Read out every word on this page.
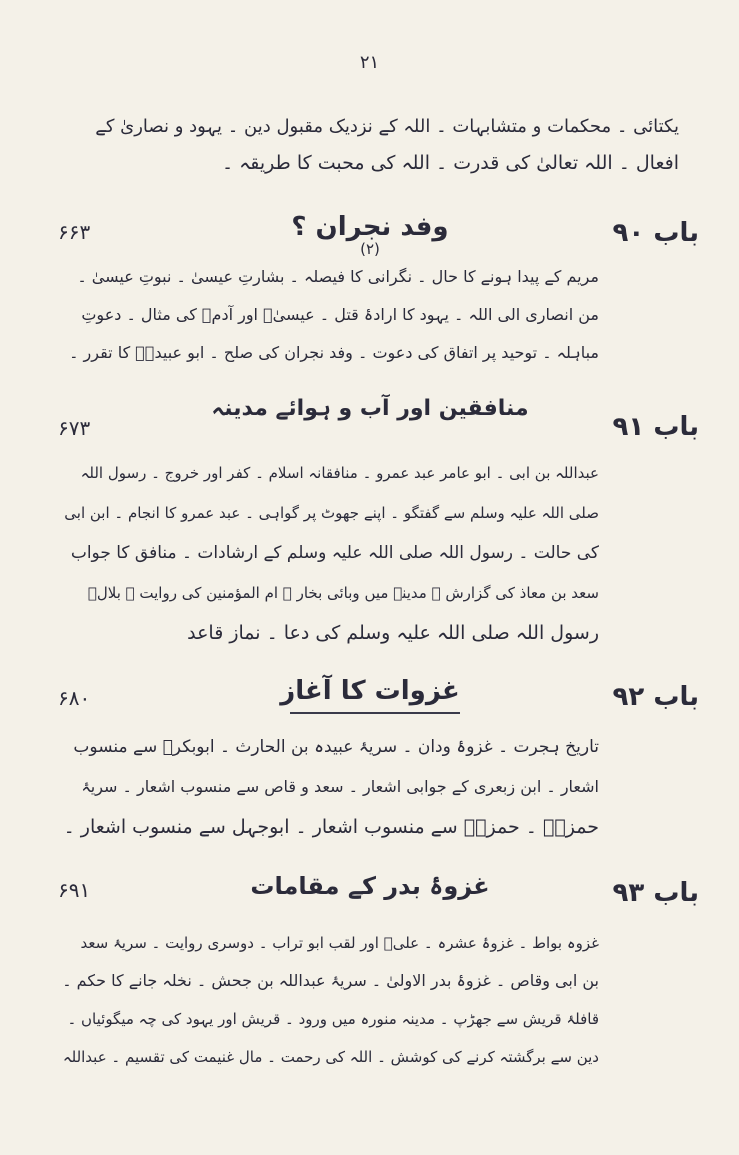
۲۱
یکتائی ۔ محکمات و متشابہات ۔ اللہ کے نزدیک مقبول دین ۔ یہود و نصاریٰ کے
افعال ۔ اللہ تعالیٰ کی قدرت ۔ اللہ کی محبت کا طریقہ ۔
باب ۹۰
وفد نجران ؟
(۲)
۶۶۳
مریم کے پیدا ہونے کا حال ۔ نگرانی کا فیصلہ ۔ بشارتِ عیسیٰ ۔ نبوتِ عیسیٰ ۔
من انصاری الی اللہ ۔ یہود کا ارادۂ قتل ۔ عیسیٰؑ اور آدمؑ کی مثال ۔ دعوتِ
مباہلہ ۔ توحید پر اتفاق کی دعوت ۔ وفد نجران کی صلح ۔ ابو عبیدہؓ کا تقرر ۔
باب ۹۱
منافقین اور آب و ہوائے مدینہ
۶۷۳
عبداللہ بن ابی ۔ ابو عامر عبد عمرو ۔ منافقانہ اسلام ۔ کفر اور خروج ۔ رسول اللہ
صلی اللہ علیہ وسلم سے گفتگو ۔ اپنے جھوٹ پر گواہی ۔ عبد عمرو کا انجام ۔ ابن ابی
کی حالت ۔ رسول اللہ صلی اللہ علیہ وسلم کے ارشادات ۔ منافق کا جواب
سعد بن معاذ کی گزارش ۔ مدینہ میں وبائی بخار ۔ ام المؤمنین کی روایت ۔ بلالؓ
رسول اللہ صلی اللہ علیہ وسلم کی دعا ۔ نماز قاعد
باب ۹۲
غزوات کا آغاز
۶۸۰
تاریخ ہجرت ۔ غزوۂ ودان ۔ سریۂ عبیدہ بن الحارث ۔ ابوبکرؓ سے منسوب
اشعار ۔ ابن زبعری کے جوابی اشعار ۔ سعد و قاص سے منسوب اشعار ۔ سریۂ
حمزہؓ ۔ حمزہؓ سے منسوب اشعار ۔ ابوجہل سے منسوب اشعار ۔
باب ۹۳
غزوۂ بدر کے مقامات
۶۹۱
غزوہ بواط ۔ غزوۂ عشرہ ۔ علیؓ اور لقب ابو تراب ۔ دوسری روایت ۔ سریۂ سعد
بن ابی وقاص ۔ غزوۂ بدر الاولیٰ ۔ سریۂ عبداللہ بن جحش ۔ نخلہ جانے کا حکم ۔
قافلۂ قریش سے جھڑپ ۔ مدینہ منورہ میں ورود ۔ قریش اور یہود کی چہ میگوئیاں ۔
دین سے برگشتہ کرنے کی کوشش ۔ اللہ کی رحمت ۔ مال غنیمت کی تقسیم ۔ عبداللہ
